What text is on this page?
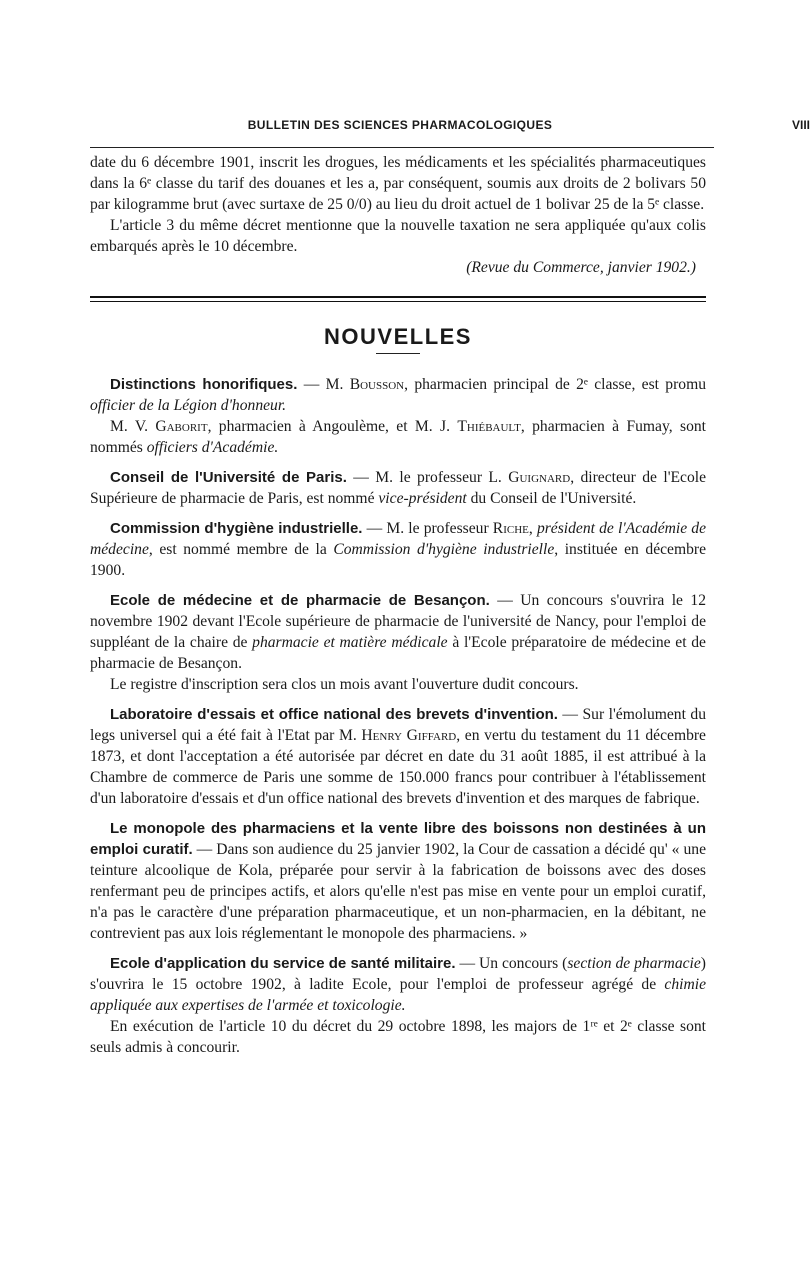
BULLETIN DES SCIENCES PHARMACOLOGIQUES	VIII

date du 6 décembre 1901, inscrit les drogues, les médicaments et les spécialités pharmaceutiques dans la 6ᵉ classe du tarif des douanes et les a, par conséquent, soumis aux droits de 2 bolivars 50 par kilogramme brut (avec surtaxe de 25 0/0) au lieu du droit actuel de 1 bolivar 25 de la 5ᵉ classe.

L'article 3 du même décret mentionne que la nouvelle taxation ne sera appliquée qu'aux colis embarqués après le 10 décembre.

(Revue du Commerce, janvier 1902.)

NOUVELLES

Distinctions honorifiques. — M. Bousson, pharmacien principal de 2ᵉ classe, est promu officier de la Légion d'honneur.

M. V. Gaborit, pharmacien à Angoulème, et M. J. Thiébault, pharmacien à Fumay, sont nommés officiers d'Académie.

Conseil de l'Université de Paris. — M. le professeur L. Guignard, directeur de l'Ecole Supérieure de pharmacie de Paris, est nommé vice-président du Conseil de l'Université.

Commission d'hygiène industrielle. — M. le professeur Riche, président de l'Académie de médecine, est nommé membre de la Commission d'hygiène industrielle, instituée en décembre 1900.

Ecole de médecine et de pharmacie de Besançon. — Un concours s'ouvrira le 12 novembre 1902 devant l'Ecole supérieure de pharmacie de l'université de Nancy, pour l'emploi de suppléant de la chaire de pharmacie et matière médicale à l'Ecole préparatoire de médecine et de pharmacie de Besançon.

Le registre d'inscription sera clos un mois avant l'ouverture dudit concours.

Laboratoire d'essais et office national des brevets d'invention. — Sur l'émolument du legs universel qui a été fait à l'Etat par M. Henry Giffard, en vertu du testament du 11 décembre 1873, et dont l'acceptation a été autorisée par décret en date du 31 août 1885, il est attribué à la Chambre de commerce de Paris une somme de 150.000 francs pour contribuer à l'établissement d'un laboratoire d'essais et d'un office national des brevets d'invention et des marques de fabrique.

Le monopole des pharmaciens et la vente libre des boissons non destinées à un emploi curatif. — Dans son audience du 25 janvier 1902, la Cour de cassation a décidé qu' « une teinture alcoolique de Kola, préparée pour servir à la fabrication de boissons avec des doses renfermant peu de principes actifs, et alors qu'elle n'est pas mise en vente pour un emploi curatif, n'a pas le caractère d'une préparation pharmaceutique, et un non-pharmacien, en la débitant, ne contrevient pas aux lois réglementant le monopole des pharmaciens. »

Ecole d'application du service de santé militaire. — Un concours (section de pharmacie) s'ouvrira le 15 octobre 1902, à ladite Ecole, pour l'emploi de professeur agrégé de chimie appliquée aux expertises de l'armée et toxicologie.

En exécution de l'article 10 du décret du 29 octobre 1898, les majors de 1ʳᵉ et 2ᵉ classe sont seuls admis à concourir.
